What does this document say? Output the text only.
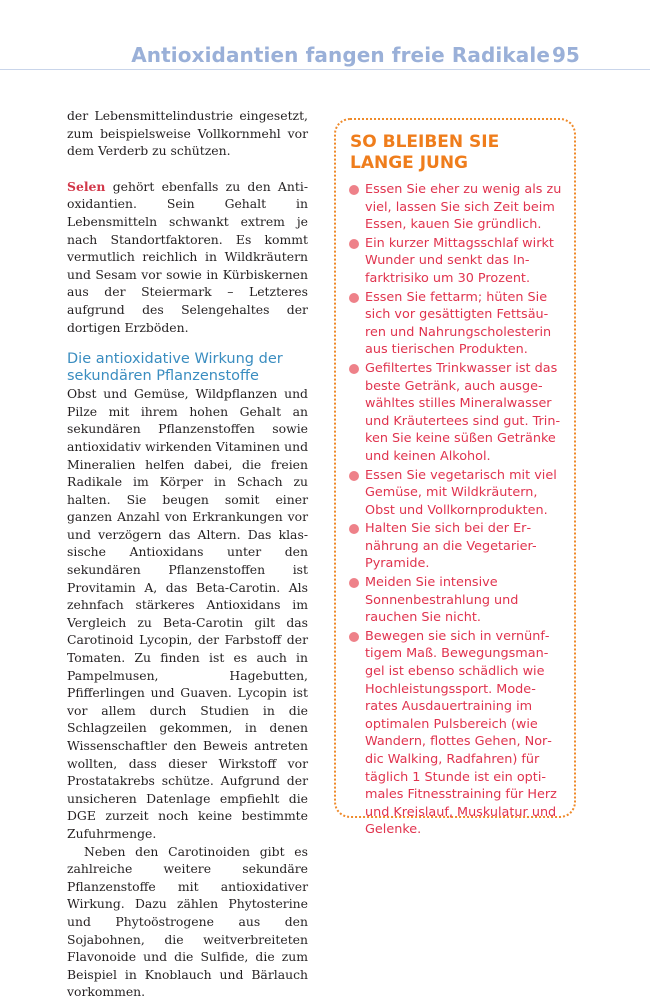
Antioxidantien fangen freie Radikale 95

der Lebensmittelindustrie eingesetzt, zum beispielsweise Vollkornmehl vor dem Verderb zu schützen.

Selen gehört ebenfalls zu den Antioxidantien. Sein Gehalt in Lebensmitteln schwankt extrem je nach Standortfaktoren. Es kommt vermutlich reichlich in Wildkräutern und Sesam vor sowie in Kürbiskernen aus der Steiermark – Letzteres aufgrund des Selengehaltes der dortigen Erzböden.

Die antioxidative Wirkung der sekundären Pflanzenstoffe

Obst und Gemüse, Wildpflanzen und Pilze mit ihrem hohen Gehalt an sekundären Pflanzenstoffen sowie antioxidativ wirkenden Vitaminen und Mineralien helfen dabei, die freien Radikale im Körper in Schach zu halten. Sie beugen somit einer ganzen Anzahl von Erkrankungen vor und verzögern das Altern. Das klassische Antioxidans unter den sekundären Pflanzenstoffen ist Provitamin A, das Beta-Carotin. Als zehnfach stärkeres Antioxidans im Vergleich zu Beta-Carotin gilt das Carotinoid Lycopin, der Farbstoff der Tomaten. Zu finden ist es auch in Pampelmusen, Hagebutten, Pfifferlingen und Guaven. Lycopin ist vor allem durch Studien in die Schlagzeilen gekommen, in denen Wissenschaftler den Beweis antreten wollten, dass dieser Wirkstoff vor Prostatakrebs schütze. Aufgrund der unsicheren Datenlage empfiehlt die DGE zurzeit noch keine bestimmte Zufuhrmenge.

Neben den Carotinoiden gibt es zahlreiche weitere sekundäre Pflanzenstoffe mit antioxidativer Wirkung. Dazu zählen Phytosterine und Phytoöstrogene aus den Sojabohnen, die weitverbreiteten Flavonoide und die Sulfide, die zum Beispiel in Knoblauch und Bärlauch vorkommen.

SO BLEIBEN SIE LANGE JUNG
Essen Sie eher zu wenig als zu viel, lassen Sie sich Zeit beim Essen, kauen Sie gründlich.
Ein kurzer Mittagsschlaf wirkt Wunder und senkt das Infarktrisiko um 30 Prozent.
Essen Sie fettarm; hüten Sie sich vor gesättigten Fettsäuren und Nahrungscholesterin aus tierischen Produkten.
Gefiltertes Trinkwasser ist das beste Getränk, auch ausgewähltes stilles Mineralwasser und Kräutertees sind gut. Trinken Sie keine süßen Getränke und keinen Alkohol.
Essen Sie vegetarisch mit viel Gemüse, mit Wildkräutern, Obst und Vollkornprodukten.
Halten Sie sich bei der Ernährung an die Vegetarier-Pyramide.
Meiden Sie intensive Sonnenbestrahlung und rauchen Sie nicht.
Bewegen sie sich in vernünftigem Maß. Bewegungsmangel ist ebenso schädlich wie Hochleistungssport. Moderates Ausdauertraining im optimalen Pulsbereich (wie Wandern, flottes Gehen, Nordic Walking, Radfahren) für täglich 1 Stunde ist ein optimales Fitnesstraining für Herz und Kreislauf, Muskulatur und Gelenke.
